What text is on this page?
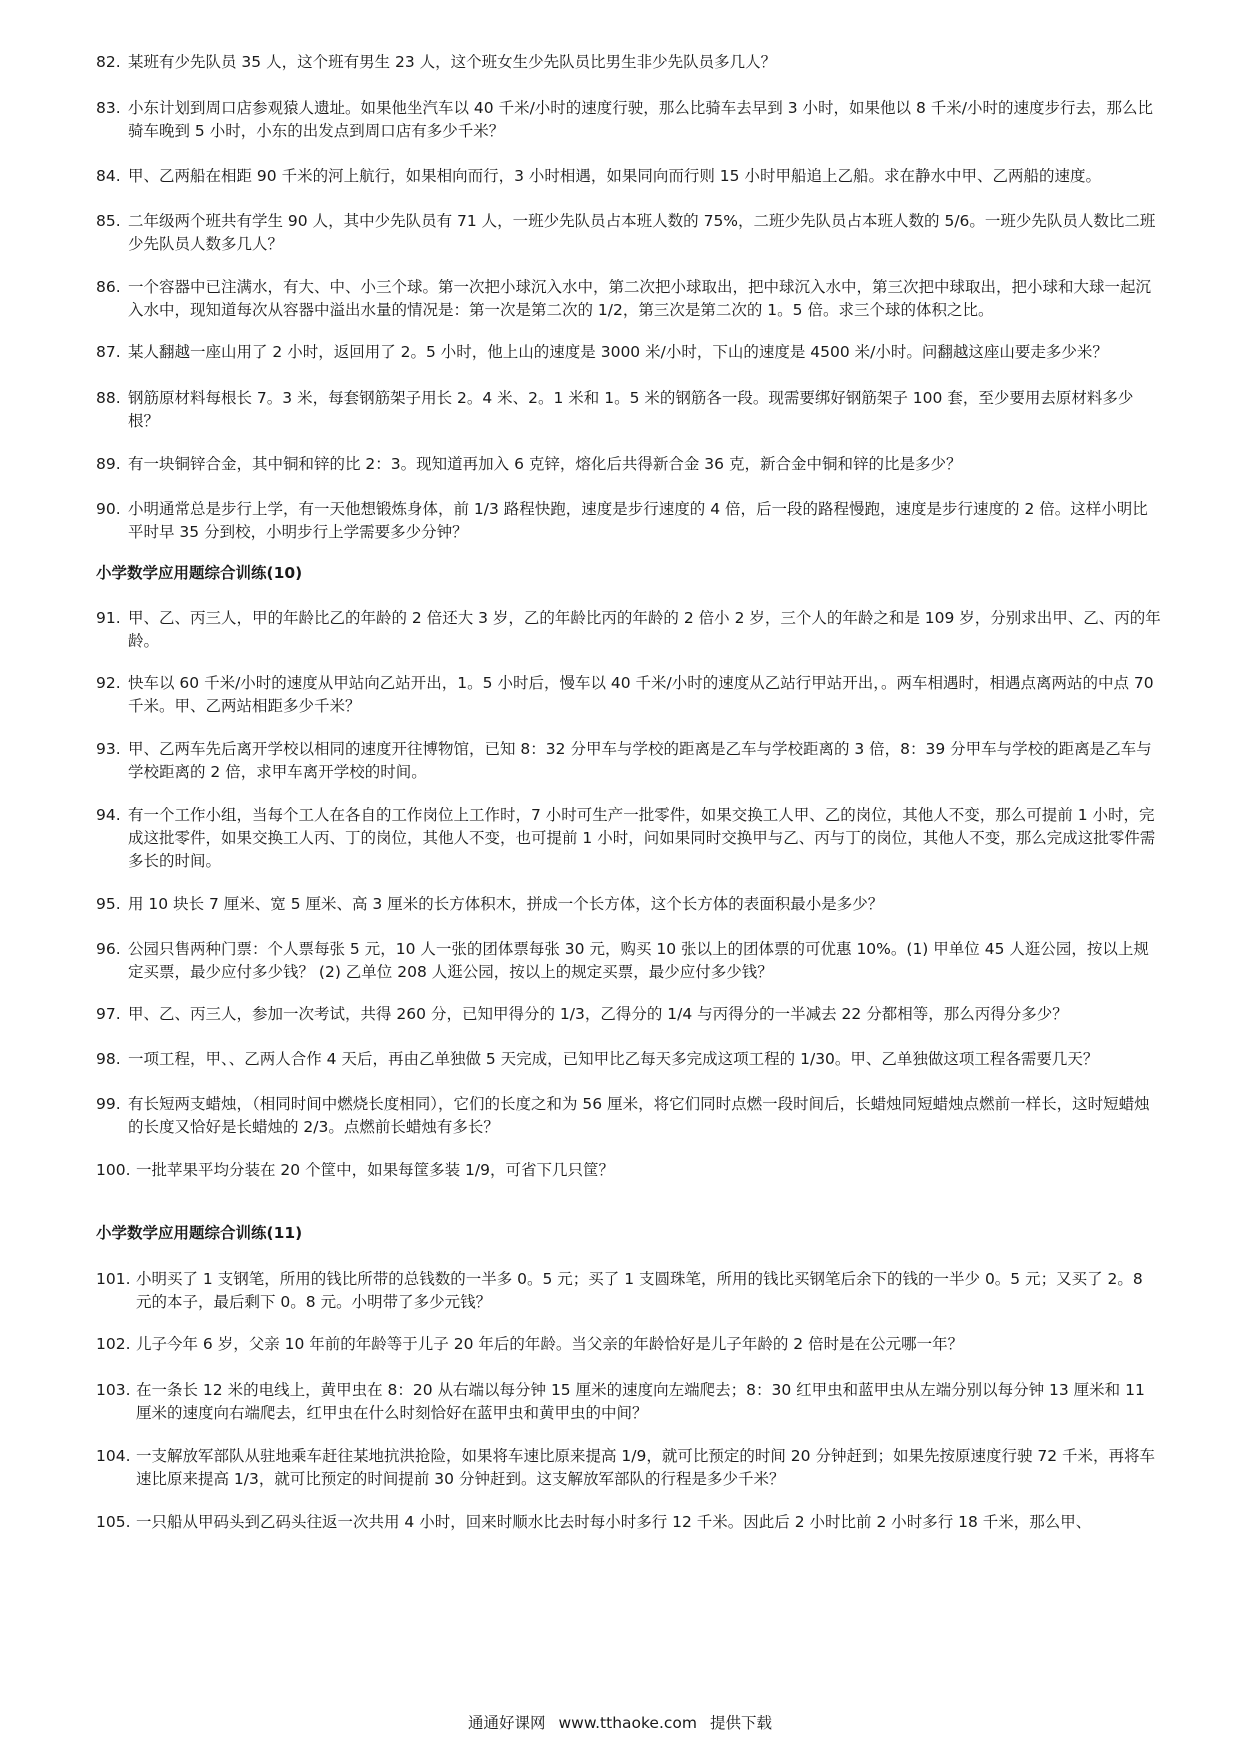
82. 某班有少先队员 35 人，这个班有男生 23 人，这个班女生少先队员比男生非少先队员多几人？
83. 小东计划到周口店参观猿人遗址。如果他坐汽车以 40 千米/小时的速度行驶，那么比骑车去早到 3 小时，如果他以 8 千米/小时的速度步行去，那么比骑车晚到 5 小时，小东的出发点到周口店有多少千米？
84. 甲、乙两船在相距 90 千米的河上航行，如果相向而行，3 小时相遇，如果同向而行则 15 小时甲船追上乙船。求在静水中甲、乙两船的速度。
85. 二年级两个班共有学生 90 人，其中少先队员有 71 人，一班少先队员占本班人数的 75%，二班少先队员占本班人数的 5/6。一班少先队员人数比二班少先队员人数多几人？
86. 一个容器中已注满水，有大、中、小三个球。第一次把小球沉入水中，第二次把小球取出，把中球沉入水中，第三次把中球取出，把小球和大球一起沉入水中，现知道每次从容器中溢出水量的情况是：第一次是第二次的 1/2，第三次是第二次的 1。5 倍。求三个球的体积之比。
87. 某人翻越一座山用了 2 小时，返回用了 2。5 小时，他上山的速度是 3000 米/小时，下山的速度是 4500 米/小时。问翻越这座山要走多少米？
88. 钢筋原材料每根长 7。3 米，每套钢筋架子用长 2。4 米、2。1 米和 1。5 米的钢筋各一段。现需要绑好钢筋架子 100 套，至少要用去原材料多少根？
89. 有一块铜锌合金，其中铜和锌的比 2：3。现知道再加入 6 克锌，熔化后共得新合金 36 克，新合金中铜和锌的比是多少？
90. 小明通常总是步行上学，有一天他想锻炼身体，前 1/3 路程快跑，速度是步行速度的 4 倍，后一段的路程慢跑，速度是步行速度的 2 倍。这样小明比平时早 35 分到校，小明步行上学需要多少分钟？
小学数学应用题综合训练(10)
91. 甲、乙、丙三人，甲的年龄比乙的年龄的 2 倍还大 3 岁，乙的年龄比丙的年龄的 2 倍小 2 岁，三个人的年龄之和是 109 岁，分别求出甲、乙、丙的年龄。
92. 快车以 60 千米/小时的速度从甲站向乙站开出，1。5 小时后，慢车以 40 千米/小时的速度从乙站行甲站开出，。两车相遇时，相遇点离两站的中点 70 千米。甲、乙两站相距多少千米？
93. 甲、乙两车先后离开学校以相同的速度开往博物馆，已知 8：32 分甲车与学校的距离是乙车与学校距离的 3 倍，8：39 分甲车与学校的距离是乙车与学校距离的 2 倍，求甲车离开学校的时间。
94. 有一个工作小组，当每个工人在各自的工作岗位上工作时，7 小时可生产一批零件，如果交换工人甲、乙的岗位，其他人不变，那么可提前 1 小时，完成这批零件，如果交换工人丙、丁的岗位，其他人不变，也可提前 1 小时，问如果同时交换甲与乙、丙与丁的岗位，其他人不变，那么完成这批零件需多长的时间。
95. 用 10 块长 7 厘米、宽 5 厘米、高 3 厘米的长方体积木，拼成一个长方体，这个长方体的表面积最小是多少？
96. 公园只售两种门票：个人票每张 5 元，10 人一张的团体票每张 30 元，购买 10 张以上的团体票的可优惠 10%。(1) 甲单位 45 人逛公园，按以上规定买票，最少应付多少钱？ (2) 乙单位 208 人逛公园，按以上的规定买票，最少应付多少钱？
97. 甲、乙、丙三人，参加一次考试，共得 260 分，已知甲得分的 1/3，乙得分的 1/4 与丙得分的一半减去 22 分都相等，那么丙得分多少？
98. 一项工程，甲、、乙两人合作 4 天后，再由乙单独做 5 天完成，已知甲比乙每天多完成这项工程的 1/30。甲、乙单独做这项工程各需要几天？
99. 有长短两支蜡烛，（相同时间中燃烧长度相同），它们的长度之和为 56 厘米，将它们同时点燃一段时间后，长蜡烛同短蜡烛点燃前一样长，这时短蜡烛的长度又恰好是长蜡烛的 2/3。点燃前长蜡烛有多长？
100. 一批苹果平均分装在 20 个筐中，如果每筐多装 1/9，可省下几只筐？
小学数学应用题综合训练(11)
101. 小明买了 1 支钢笔，所用的钱比所带的总钱数的一半多 0。5 元；买了 1 支圆珠笔，所用的钱比买钢笔后余下的钱的一半少 0。5 元；又买了 2。8 元的本子，最后剩下 0。8 元。小明带了多少元钱？
102. 儿子今年 6 岁，父亲 10 年前的年龄等于儿子 20 年后的年龄。当父亲的年龄恰好是儿子年龄的 2 倍时是在公元哪一年？
103. 在一条长 12 米的电线上，黄甲虫在 8：20 从右端以每分钟 15 厘米的速度向左端爬去；8：30 红甲虫和蓝甲虫从左端分别以每分钟 13 厘米和 11 厘米的速度向右端爬去，红甲虫在什么时刻恰好在蓝甲虫和黄甲虫的中间？
104. 一支解放军部队从驻地乘车赶往某地抗洪抢险，如果将车速比原来提高 1/9，就可比预定的时间 20 分钟赶到；如果先按原速度行驶 72 千米，再将车速比原来提高 1/3，就可比预定的时间提前 30 分钟赶到。这支解放军部队的行程是多少千米？
105. 一只船从甲码头到乙码头往返一次共用 4 小时，回来时顺水比去时每小时多行 12 千米。因此后 2 小时比前 2 小时多行 18 千米，那么甲、
通通好课网 www.tthaoke.com 提供下载
